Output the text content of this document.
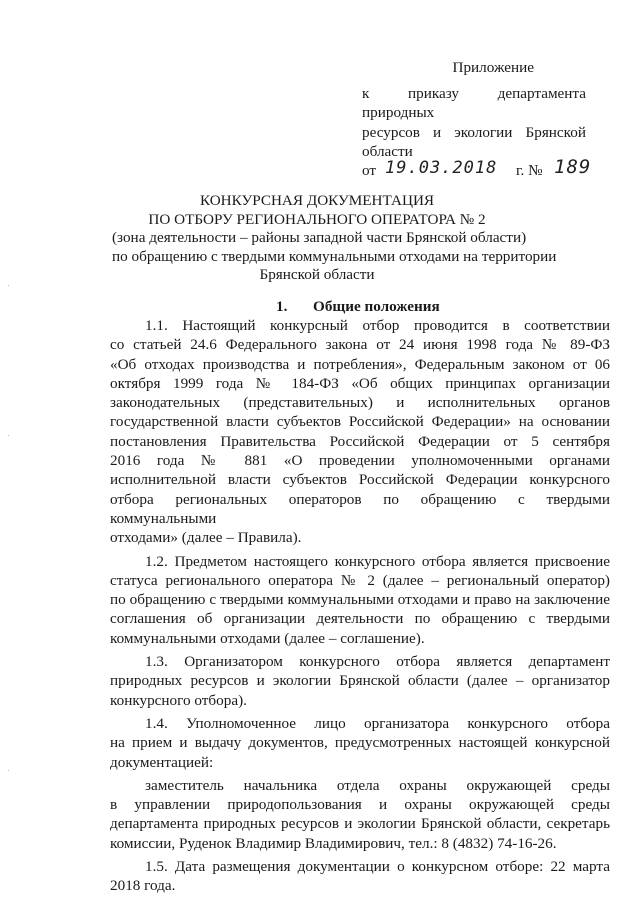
Приложение
к приказу департамента природных
ресурсов и экологии Брянской
области
от 19.03.2018 г. № 189
КОНКУРСНАЯ ДОКУМЕНТАЦИЯ
ПО ОТБОРУ РЕГИОНАЛЬНОГО ОПЕРАТОРА № 2
(зона деятельности – районы западной части Брянской области)
по обращению с твердыми коммунальными отходами на территории
Брянской области
1. Общие положения
1.1. Настоящий конкурсный отбор проводится в соответствии
со статьей 24.6 Федерального закона от 24 июня 1998 года № 89-ФЗ
«Об отходах производства и потребления», Федеральным законом от 06
октября 1999 года № 184-ФЗ «Об общих принципах организации
законодательных (представительных) и исполнительных органов
государственной власти субъектов Российской Федерации» на основании
постановления Правительства Российской Федерации от 5 сентября
2016 года № 881 «О проведении уполномоченными органами
исполнительной власти субъектов Российской Федерации конкурсного
отбора региональных операторов по обращению с твердыми коммунальными
отходами» (далее – Правила).
1.2. Предметом настоящего конкурсного отбора является присвоение
статуса регионального оператора № 2 (далее – региональный оператор)
по обращению с твердыми коммунальными отходами и право на заключение
соглашения об организации деятельности по обращению с твердыми
коммунальными отходами (далее – соглашение).
1.3. Организатором конкурсного отбора является департамент
природных ресурсов и экологии Брянской области (далее – организатор
конкурсного отбора).
1.4. Уполномоченное лицо организатора конкурсного отбора
на прием и выдачу документов, предусмотренных настоящей конкурсной
документацией:
заместитель начальника отдела охраны окружающей среды
в управлении природопользования и охраны окружающей среды
департамента природных ресурсов и экологии Брянской области, секретарь
комиссии, Руденок Владимир Владимирович, тел.: 8 (4832) 74-16-26.
1.5. Дата размещения документации о конкурсном отборе: 22 марта
2018 года.
